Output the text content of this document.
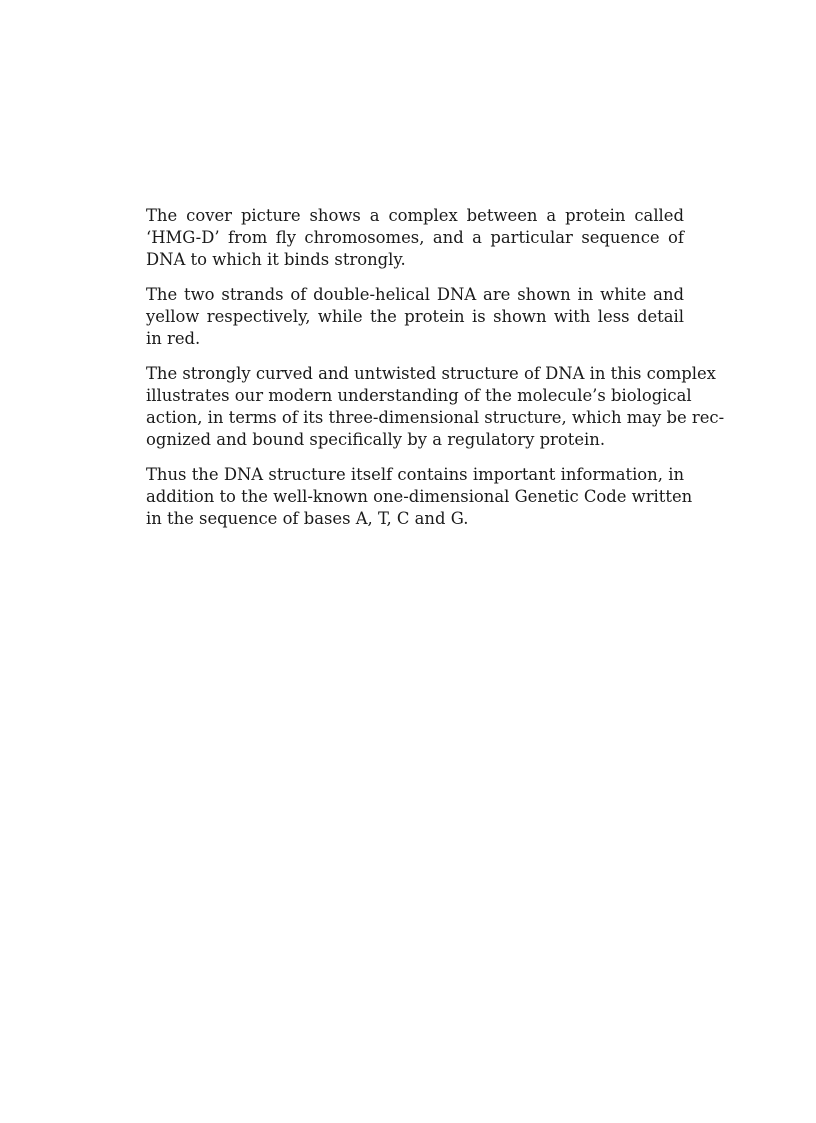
The cover picture shows a complex between a protein called
‘HMG-D’ from fly chromosomes, and a particular sequence of
DNA to which it binds strongly.

The two strands of double-helical DNA are shown in white and
yellow respectively, while the protein is shown with less detail
in red.

The strongly curved and untwisted structure of DNA in this complex
illustrates our modern understanding of the molecule’s biological
action, in terms of its three-dimensional structure, which may be rec-
ognized and bound specifically by a regulatory protein.

Thus the DNA structure itself contains important information, in
addition to the well-known one-dimensional Genetic Code written
in the sequence of bases A, T, C and G.
